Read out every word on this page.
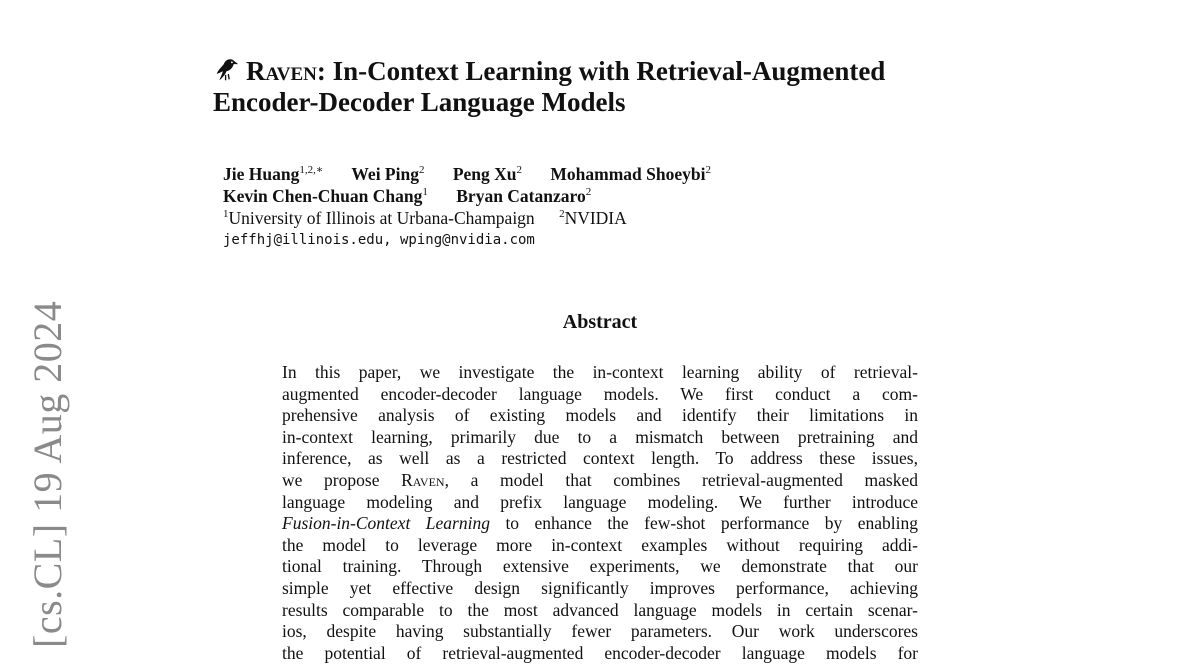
[cs.CL] 19 Aug 2024
Raven: In-Context Learning with Retrieval-Augmented
Encoder-Decoder Language Models
Jie Huang$^{1,2,∗}$ Wei Ping$^2$ Peng Xu$^2$ Mohammad Shoeybi$^2$
Kevin Chen-Chuan Chang$^1$ Bryan Catanzaro$^2$
$^1$University of Illinois at Urbana-Champaign $^2$NVIDIA
jeffhj@illinois.edu, wping@nvidia.com
Abstract
In this paper, we investigate the in-context learning ability of retrieval-
augmented encoder-decoder language models. We first conduct a com-
prehensive analysis of existing models and identify their limitations in
in-context learning, primarily due to a mismatch between pretraining and
inference, as well as a restricted context length. To address these issues,
we propose Raven, a model that combines retrieval-augmented masked
language modeling and prefix language modeling. We further introduce
Fusion-in-Context Learning to enhance the few-shot performance by enabling
the model to leverage more in-context examples without requiring addi-
tional training. Through extensive experiments, we demonstrate that our
simple yet effective design significantly improves performance, achieving
results comparable to the most advanced language models in certain scenar-
ios, despite having substantially fewer parameters. Our work underscores
the potential of retrieval-augmented encoder-decoder language models for
